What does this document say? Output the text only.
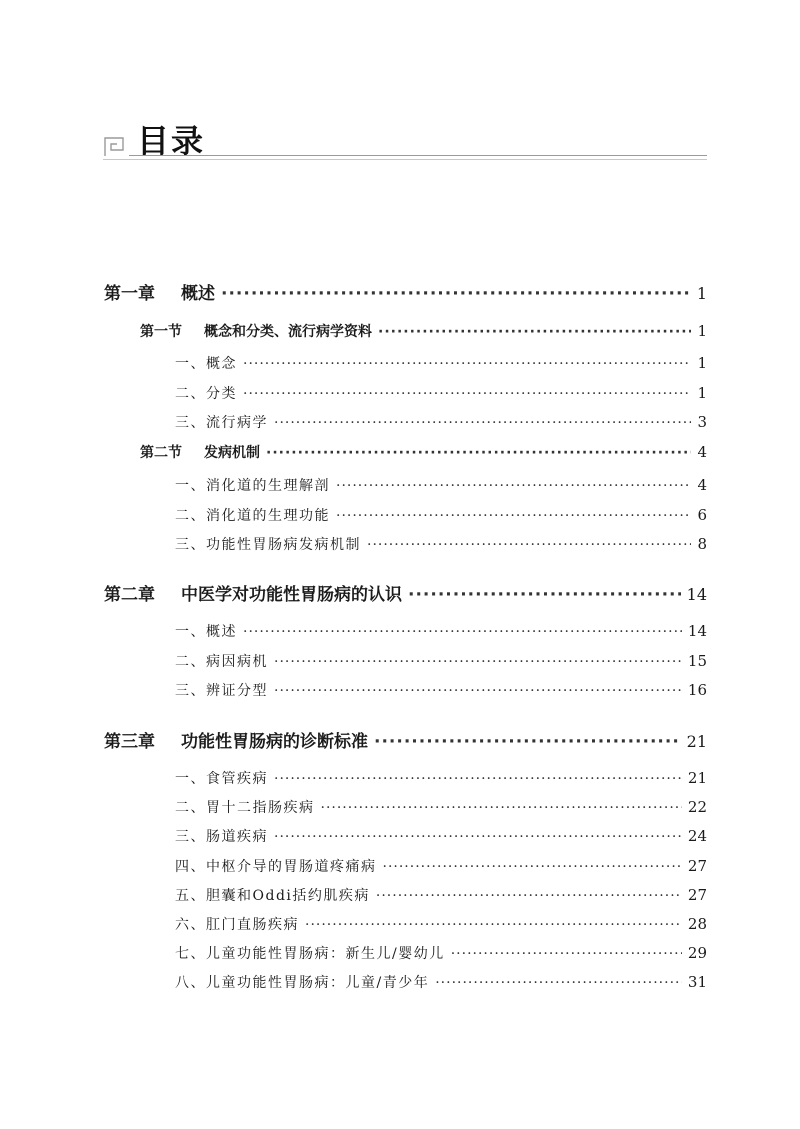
目录
第一章 概述 ·····	1
第一节 概念和分类、流行病学资料 ·····	1
一、概念 ·····	1
二、分类 ·····	1
三、流行病学 ·····	3
第二节 发病机制 ·····	4
一、消化道的生理解剖 ·····	4
二、消化道的生理功能 ·····	6
三、功能性胃肠病发病机制 ·····	8
第二章 中医学对功能性胃肠病的认识 ·····	14
一、概述 ·····	14
二、病因病机 ·····	15
三、辨证分型 ·····	16
第三章 功能性胃肠病的诊断标准 ·····	21
一、食管疾病 ·····	21
二、胃十二指肠疾病 ·····	22
三、肠道疾病 ·····	24
四、中枢介导的胃肠道疼痛病 ·····	27
五、胆囊和Oddi括约肌疾病 ·····	27
六、肛门直肠疾病 ·····	28
七、儿童功能性胃肠病：新生儿/婴幼儿 ·····	29
八、儿童功能性胃肠病：儿童/青少年 ·····	31
